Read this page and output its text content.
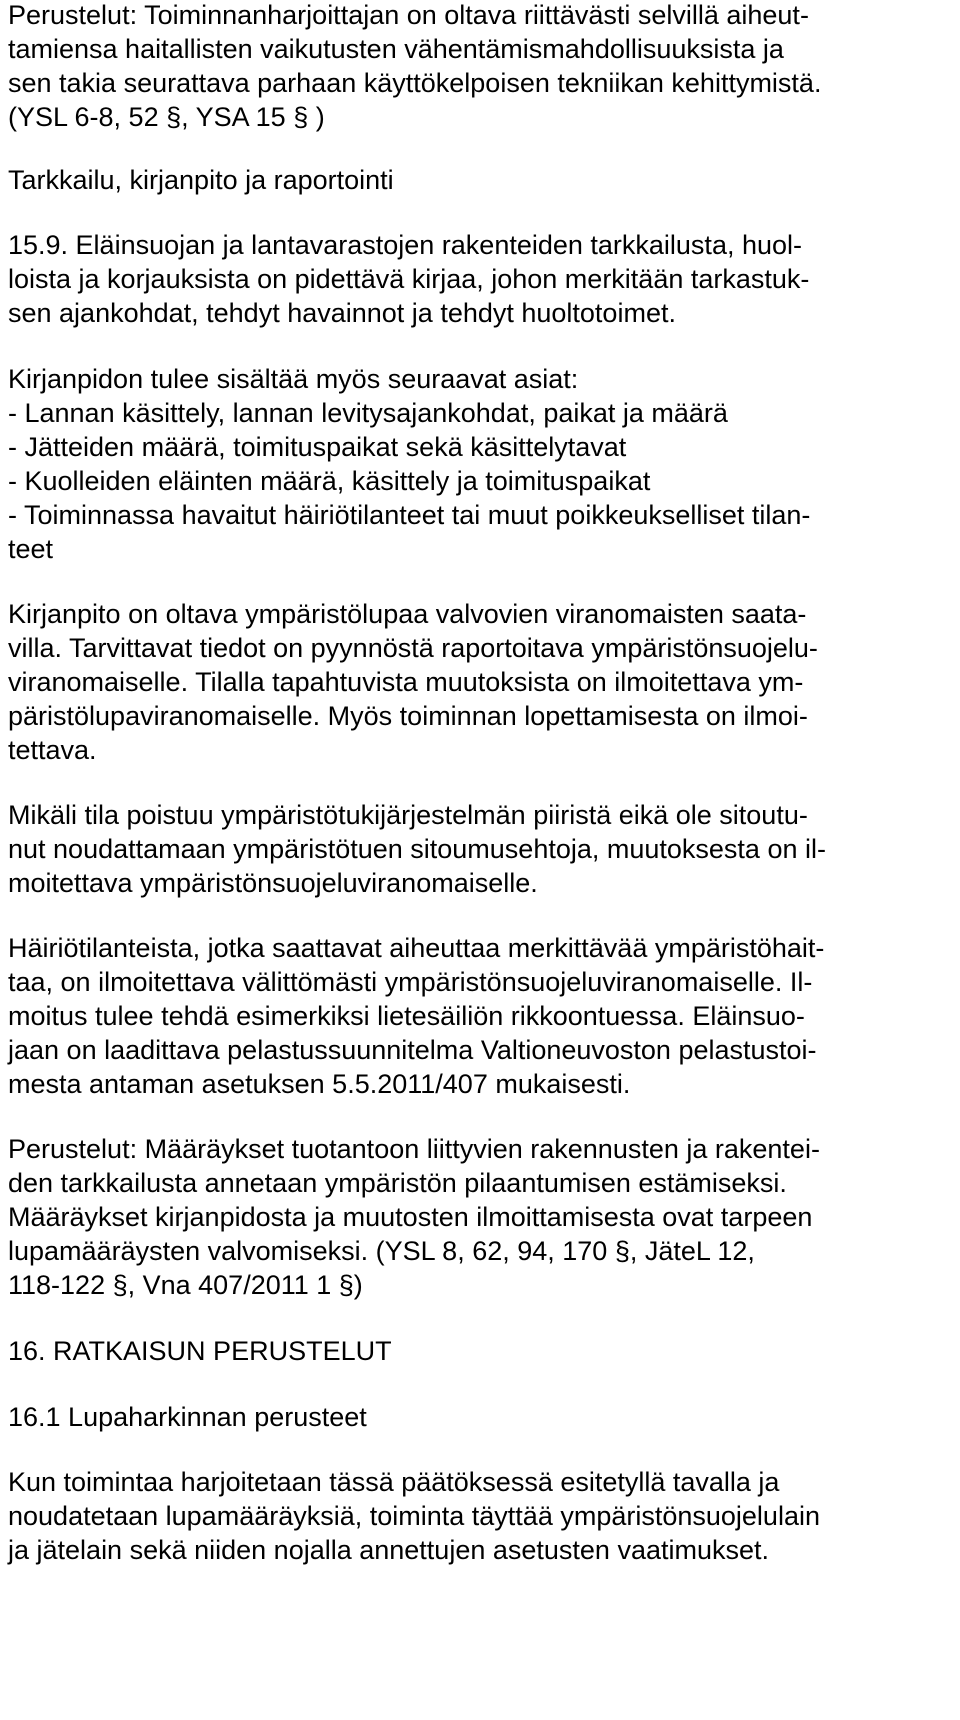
Perustelut: Toiminnanharjoittajan on oltava riittävästi selvillä aiheut-
tamiensa haitallisten vaikutusten vähentämismahdollisuuksista ja
sen takia seurattava parhaan käyttökelpoisen tekniikan kehittymistä.
(YSL 6-8, 52 §, YSA 15 § )
Tarkkailu, kirjanpito ja raportointi
15.9. Eläinsuojan ja lantavarastojen rakenteiden tarkkailusta, huol-
loista ja korjauksista on pidettävä kirjaa, johon merkitään tarkastuk-
sen ajankohdat, tehdyt havainnot ja tehdyt huoltotoimet.
Kirjanpidon tulee sisältää myös seuraavat asiat:
- Lannan käsittely, lannan levitysajankohdat, paikat ja määrä
- Jätteiden määrä, toimituspaikat sekä käsittelytavat
- Kuolleiden eläinten määrä, käsittely ja toimituspaikat
- Toiminnassa havaitut häiriötilanteet tai muut poikkeukselliset tilan-
teet
Kirjanpito on oltava ympäristölupaa valvovien viranomaisten saata-
villa. Tarvittavat tiedot on pyynnöstä raportoitava ympäristönsuojelu-
viranomaiselle. Tilalla tapahtuvista muutoksista on ilmoitettava ym-
päristölupaviranomaiselle. Myös toiminnan lopettamisesta on ilmoi-
tettava.
Mikäli tila poistuu ympäristötukijärjestelmän piiristä eikä ole sitoutu-
nut noudattamaan ympäristötuen sitoumusehtoja, muutoksesta on il-
moitettava ympäristönsuojeluviranomaiselle.
Häiriötilanteista, jotka saattavat aiheuttaa merkittävää ympäristöhait-
taa, on ilmoitettava välittömästi ympäristönsuojeluviranomaiselle. Il-
moitus tulee tehdä esimerkiksi lietesäiliön rikkoontuessa. Eläinsuo-
jaan on laadittava pelastussuunnitelma Valtioneuvoston pelastustoi-
mesta antaman asetuksen 5.5.2011/407 mukaisesti.
Perustelut: Määräykset tuotantoon liittyvien rakennusten ja rakentei-
den tarkkailusta annetaan ympäristön pilaantumisen estämiseksi.
Määräykset kirjanpidosta ja muutosten ilmoittamisesta ovat tarpeen
lupamääräysten valvomiseksi. (YSL 8, 62, 94, 170 §, JäteL 12,
118-122 §, Vna 407/2011 1 §)
16. RATKAISUN PERUSTELUT
16.1 Lupaharkinnan perusteet
Kun toimintaa harjoitetaan tässä päätöksessä esitetyllä tavalla ja
noudatetaan lupamääräyksiä, toiminta täyttää ympäristönsuojelulain
ja jätelain sekä niiden nojalla annettujen asetusten vaatimukset.
